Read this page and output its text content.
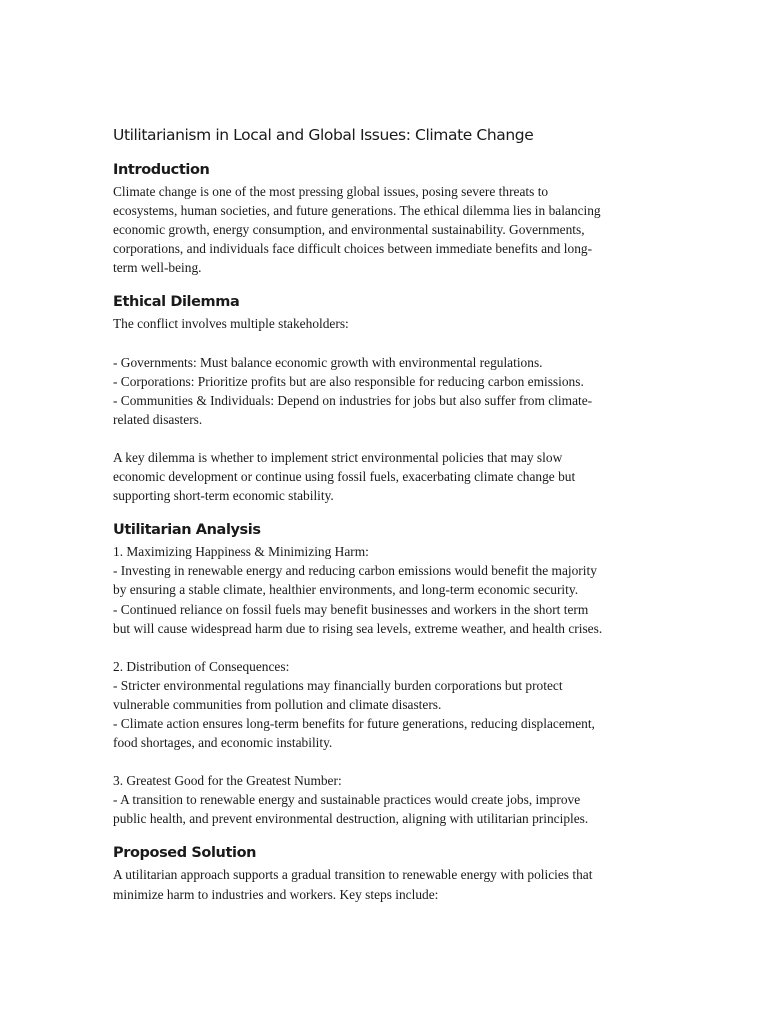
Utilitarianism in Local and Global Issues: Climate Change
Introduction

Climate change is one of the most pressing global issues, posing severe threats to
ecosystems, human societies, and future generations. The ethical dilemma lies in balancing
economic growth, energy consumption, and environmental sustainability. Governments,
corporations, and individuals face difficult choices between immediate benefits and long-
term well-being.

Ethical Dilemma

The conflict involves multiple stakeholders:

- Governments: Must balance economic growth with environmental regulations.
- Corporations: Prioritize profits but are also responsible for reducing carbon emissions.
- Communities & Individuals: Depend on industries for jobs but also suffer from climate-
related disasters.

A key dilemma is whether to implement strict environmental policies that may slow
economic development or continue using fossil fuels, exacerbating climate change but
supporting short-term economic stability.

Utilitarian Analysis

1. Maximizing Happiness & Minimizing Harm:
- Investing in renewable energy and reducing carbon emissions would benefit the majority
by ensuring a stable climate, healthier environments, and long-term economic security.
- Continued reliance on fossil fuels may benefit businesses and workers in the short term
but will cause widespread harm due to rising sea levels, extreme weather, and health crises.

2. Distribution of Consequences:
- Stricter environmental regulations may financially burden corporations but protect
vulnerable communities from pollution and climate disasters.
- Climate action ensures long-term benefits for future generations, reducing displacement,
food shortages, and economic instability.

3. Greatest Good for the Greatest Number:
- A transition to renewable energy and sustainable practices would create jobs, improve
public health, and prevent environmental destruction, aligning with utilitarian principles.

Proposed Solution

A utilitarian approach supports a gradual transition to renewable energy with policies that
minimize harm to industries and workers. Key steps include:
